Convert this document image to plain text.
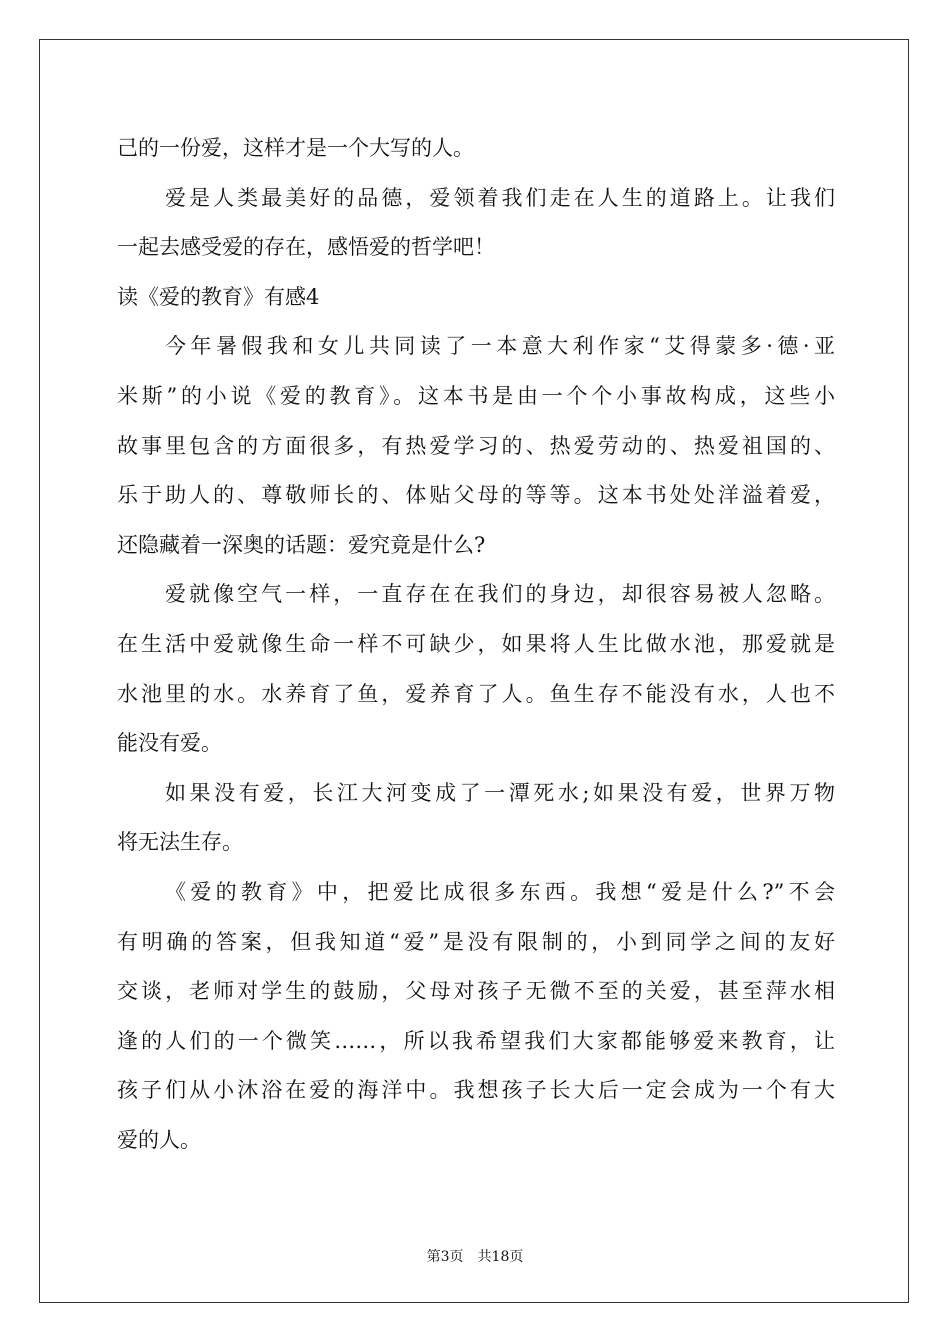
己的一份爱，这样才是一个大写的人。
爱是人类最美好的品德，爱领着我们走在人生的道路上。让我们
一起去感受爱的存在，感悟爱的哲学吧！
读《爱的教育》有感4
今年暑假我和女儿共同读了一本意大利作家“艾得蒙多·德·亚
米斯”的小说《爱的教育》。这本书是由一个个小事故构成，这些小
故事里包含的方面很多，有热爱学习的、热爱劳动的、热爱祖国的、
乐于助人的、尊敬师长的、体贴父母的等等。这本书处处洋溢着爱，
还隐藏着一深奥的话题：爱究竟是什么?
爱就像空气一样，一直存在在我们的身边，却很容易被人忽略。
在生活中爱就像生命一样不可缺少，如果将人生比做水池，那爱就是
水池里的水。水养育了鱼，爱养育了人。鱼生存不能没有水，人也不
能没有爱。
如果没有爱，长江大河变成了一潭死水;如果没有爱，世界万物
将无法生存。
《爱的教育》中，把爱比成很多东西。我想“爱是什么?”不会
有明确的答案，但我知道“爱”是没有限制的，小到同学之间的友好
交谈，老师对学生的鼓励，父母对孩子无微不至的关爱，甚至萍水相
逢的人们的一个微笑……，所以我希望我们大家都能够爱来教育，让
孩子们从小沐浴在爱的海洋中。我想孩子长大后一定会成为一个有大
爱的人。
第3页 共18页
